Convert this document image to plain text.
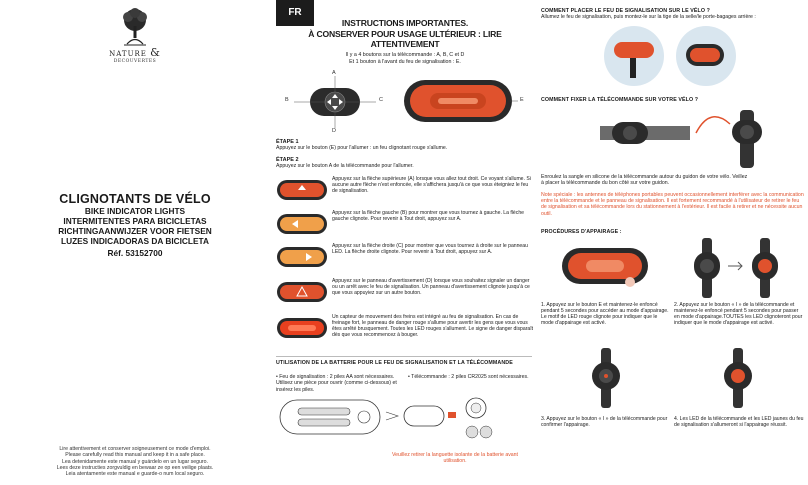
NATURE &
DECOUVERTES
CLIGNOTANTS DE VÉLO
BIKE INDICATOR LIGHTS
INTERMITENTES PARA BICICLETAS
RICHTINGAANWIJZER VOOR FIETSEN
LUZES INDICADORAS DA BICICLETA
Réf. 53152700
Lire attentivement et conserver soigneusement ce mode d'emploi.
Please carefully read this manual and keep it in a safe place.
Lea detenidamente este manual y guárdelo en un lugar seguro.
Lees deze instructies zorgvuldig en bewaar ze op een veilige plaats.
Leia atentamente este manual e guarde-o num local seguro.
FR
INSTRUCTIONS IMPORTANTES.
À CONSERVER POUR USAGE ULTÉRIEUR : LIRE ATTENTIVEMENT
Il y a 4 boutons sur la télécommande : A, B, C et D
Et 1 bouton à l'avant du feu de signalisation : E.
A
B	C
D
E
ÉTAPE 1
Appuyez sur le bouton (E) pour l'allumer : un feu clignotant rouge s'allume.
ÉTAPE 2
Appuyez sur le bouton A de la télécommande pour l'allumer.
Appuyez sur la flèche supérieure (A) lorsque vous allez tout droit. Ce voyant s'allume. Si aucune autre flèche n'est enfoncée, elle s'affichera jusqu'à ce que vous éteigniez le feu de signalisation.
Appuyez sur la flèche gauche (B) pour montrer que vous tournez à gauche. La flèche gauche clignote. Pour revenir à Tout droit, appuyez sur A.
Appuyez sur la flèche droite (C) pour montrer que vous tournez à droite sur le panneau LED. La flèche droite clignote. Pour revenir à Tout droit, appuyez sur A.
Appuyez sur le panneau d'avertissement (D) lorsque vous souhaitez signaler un danger ou un arrêt avec le feu de signalisation. Un panneau d'avertissement clignote jusqu'à ce que vous appuyiez sur un autre bouton.
Un capteur de mouvement des freins est intégré au feu de signalisation. En cas de freinage fort, le panneau de danger rouge s'allume pour avertir les gens que vous vous êtes arrêté brusquement. Toutes les LED rouges s'allument. Le signe de danger disparaît dès que vous recommencez à bouger.
UTILISATION DE LA BATTERIE POUR LE FEU DE SIGNALISATION ET LA TÉLÉCOMMANDE
• Feu de signalisation : 2 piles AA sont nécessaires. Utilisez une pièce pour ouvrir (comme ci-dessous) et insérez les piles.
• Télécommande : 2 piles CR2025 sont nécessaires.
Veuillez retirer la languette isolante de la batterie avant utilisation.
COMMENT PLACER LE FEU DE SIGNALISATION SUR LE VÉLO ?
Allumez le feu de signalisation, puis montez-le sur la tige de la selle/le porte-bagages arrière :
COMMENT FIXER LA TÉLÉCOMMANDE SUR VOTRE VÉLO ?
Enroulez la sangle en silicone de la télécommande autour du guidon de votre vélo. Veillez à placer la télécommande du bon côté sur votre guidon.
Note spéciale : les antennes de téléphones portables peuvent occasionnellement interférer avec la communication entre la télécommande et le panneau de signalisation. Il est fortement recommandé à l'utilisateur de retirer le feu de signalisation et sa télécommande lors du stationnement à l'extérieur. Il est facile à retirer et ne nécessite aucun outil.
PROCÉDURES D'APPAIRAGE :
1. Appuyez sur le bouton E et maintenez-le enfoncé pendant 5 secondes pour accéder au mode d'appairage. Le motif de LED rouge clignote pour indiquer que le mode d'appairage est activé.
2. Appuyez sur le bouton « I » de la télécommande et maintenez-le enfoncé pendant 5 secondes pour passer en mode d'appairage.TOUTES les LED clignoteront pour indiquer que le mode d'appairage est activé.
3. Appuyez sur le bouton « I » de la télécommande pour confirmer l'appairage.
4. Les LED de la télécommande et les LED jaunes du feu de signalisation s'allumeront si l'appairage réussit.
